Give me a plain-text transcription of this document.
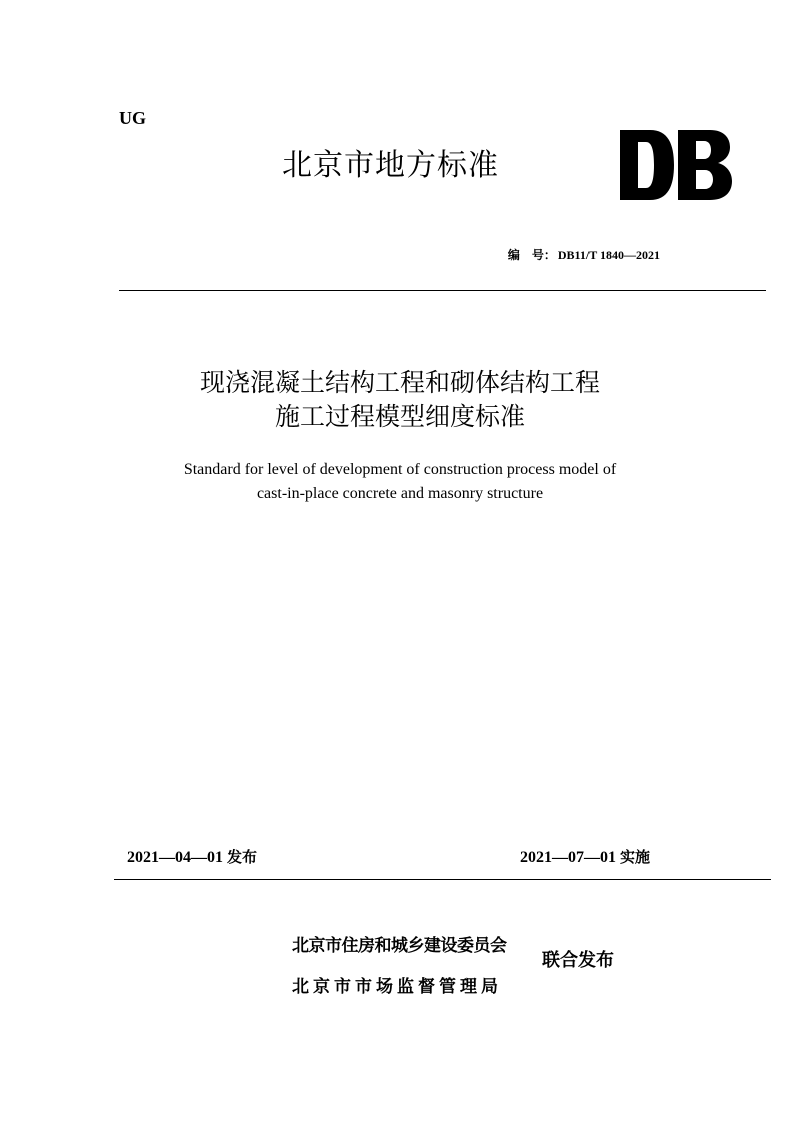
UG
北京市地方标准
编　号： DB11/T 1840—2021
现浇混凝土结构工程和砌体结构工程
施工过程模型细度标准
Standard for level of development of construction process model of
cast-in-place concrete and masonry structure
2021—04—01 发布	2021—07—01 实施
北京市住房和城乡建设委员会
北京市市场监督管理局
联合发布
